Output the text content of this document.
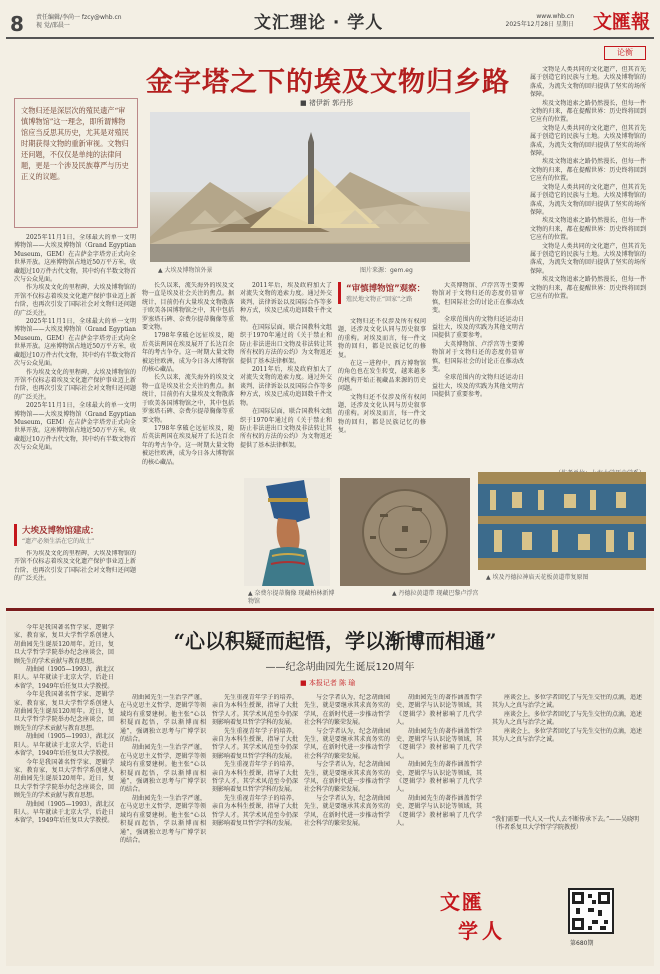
8 责任编辑/李尚一 fzcy@whb.cn
视 觉/邵晨一	文汇理论 · 学人	www.whb.cn
2025年12月28日 星期日 文匯報
论衡
金字塔之下的埃及文物归乡路
■ 褚伊新 郭丹彤
文物归还是深层次的殖民遗产“审慎博物馆”这一理念，即所谓博物馆应当反思其历史，尤其是对殖民时期获得文物的重新审视。文物归还问题，不仅仅是单纯的法律问题，更是一个涉及民族尊严与历史正义的议题。
▲ 大埃及博物馆外景	图片来源：gem.eg

2025年11月1日，全球最大的单一文明博物馆——大埃及博物馆（Grand Egyptian Museum，GEM）在吉萨金字塔旁正式向全世界开放。这座博物馆占地近50万平方米，收藏超过10万件古代文物，其中约有半数文物首次与公众见面。

作为埃及文化的里程碑，大埃及博物馆的开馆不仅标志着埃及文化遗产保护事业迈上新台阶，也再次引发了国际社会对文物归还问题的广泛关注。

2025年11月1日，全球最大的单一文明博物馆——大埃及博物馆（Grand Egyptian Museum，GEM）在吉萨金字塔旁正式向全世界开放。这座博物馆占地近50万平方米，收藏超过10万件古代文物，其中约有半数文物首次与公众见面。

作为埃及文化的里程碑，大埃及博物馆的开馆不仅标志着埃及文化遗产保护事业迈上新台阶，也再次引发了国际社会对文物归还问题的广泛关注。

2025年11月1日，全球最大的单一文明博物馆——大埃及博物馆（Grand Egyptian Museum，GEM）在吉萨金字塔旁正式向全世界开放。这座博物馆占地近50万平方米，收藏超过10万件古代文物，其中约有半数文物首次与公众见面。

大埃及博物馆建成：
“遗产必须生活在它的故土”

作为埃及文化的里程碑，大埃及博物馆的开馆不仅标志着埃及文化遗产保护事业迈上新台阶，也再次引发了国际社会对文物归还问题的广泛关注。

长久以来，流失海外的埃及文物一直是埃及社会关注的焦点。据统计，目前仍有大量埃及文物散落于欧美各国博物馆之中，其中包括罗塞塔石碑、奈费尔提蒂胸像等重要文物。

1798年拿破仑远征埃及，随后英法两国在埃及展开了长达百余年的考古争夺。这一时期大量文物被运往欧洲，成为今日各大博物馆的核心藏品。

长久以来，流失海外的埃及文物一直是埃及社会关注的焦点。据统计，目前仍有大量埃及文物散落于欧美各国博物馆之中，其中包括罗塞塔石碑、奈费尔提蒂胸像等重要文物。

1798年拿破仑远征埃及，随后英法两国在埃及展开了长达百余年的考古争夺。这一时期大量文物被运往欧洲，成为今日各大博物馆的核心藏品。

2011年后，埃及政府加大了对流失文物的追索力度。通过外交谈判、法律诉讼以及国际合作等多种方式，埃及已成功追回数千件文物。

在国际层面，联合国教科文组织于1970年通过的《关于禁止和防止非法进出口文物及非法转让其所有权的方法的公约》为文物返还提供了基本法律框架。

2011年后，埃及政府加大了对流失文物的追索力度。通过外交谈判、法律诉讼以及国际合作等多种方式，埃及已成功追回数千件文物。

在国际层面，联合国教科文组织于1970年通过的《关于禁止和防止非法进出口文物及非法转让其所有权的方法的公约》为文物返还提供了基本法律框架。

“审慎博物馆”观察：
殖民地文物正“回家”之路

文物归还不仅涉及所有权问题，还涉及文化认同与历史叙事的重构。对埃及而言，每一件文物的回归，都是民族记忆的修复。

在这一进程中，西方博物馆的角色也在发生转变，越来越多的机构开始正视藏品来源的历史问题。

文物归还不仅涉及所有权问题，还涉及文化认同与历史叙事的重构。对埃及而言，每一件文物的回归，都是民族记忆的修复。

大英博物馆、卢浮宫等主要博物馆对于文物归还的态度仍显审慎，但国际社会的讨论正在推动改变。

全球范围内的文物归还运动日益壮大，埃及的实践为其他文明古国提供了重要参考。

大英博物馆、卢浮宫等主要博物馆对于文物归还的态度仍显审慎，但国际社会的讨论正在推动改变。

全球范围内的文物归还运动日益壮大，埃及的实践为其他文明古国提供了重要参考。

文物是人类共同的文化遗产，但其首先属于创造它的民族与土地。大埃及博物馆的落成，为流失文物的回归提供了坚实的场所保障。

埃及文物追索之路仍然漫长，但每一件文物的归来，都在提醒世界：历史终将回到它应有的位置。

文物是人类共同的文化遗产，但其首先属于创造它的民族与土地。大埃及博物馆的落成，为流失文物的回归提供了坚实的场所保障。

埃及文物追索之路仍然漫长，但每一件文物的归来，都在提醒世界：历史终将回到它应有的位置。

文物是人类共同的文化遗产，但其首先属于创造它的民族与土地。大埃及博物馆的落成，为流失文物的回归提供了坚实的场所保障。

埃及文物追索之路仍然漫长，但每一件文物的归来，都在提醒世界：历史终将回到它应有的位置。

文物是人类共同的文化遗产，但其首先属于创造它的民族与土地。大埃及博物馆的落成，为流失文物的回归提供了坚实的场所保障。

埃及文物追索之路仍然漫长，但每一件文物的归来，都在提醒世界：历史终将回到它应有的位置。

▲ 奈费尔提蒂胸像 现藏柏林新博物馆
▲ 丹德拉黄道带 现藏巴黎卢浮宫
▲ 埃及丹德拉神庙天花板黄道带复原图
“心以积疑而起悟，学以渐博而相通”
——纪念胡曲园先生诞辰120周年
■ 本报记者 陈 瑜

今年是我国著名哲学家、逻辑学家、教育家，复旦大学哲学系创建人胡曲园先生诞辰120周年。近日，复旦大学哲学学院举办纪念座谈会，回顾先生的学术贡献与教育思想。

胡曲园（1905—1993），湖北汉阳人。早年就读于北京大学，后赴日本留学，1949年后任复旦大学教授。

今年是我国著名哲学家、逻辑学家、教育家，复旦大学哲学系创建人胡曲园先生诞辰120周年。近日，复旦大学哲学学院举办纪念座谈会，回顾先生的学术贡献与教育思想。

胡曲园（1905—1993），湖北汉阳人。早年就读于北京大学，后赴日本留学，1949年后任复旦大学教授。

今年是我国著名哲学家、逻辑学家、教育家，复旦大学哲学系创建人胡曲园先生诞辰120周年。近日，复旦大学哲学学院举办纪念座谈会，回顾先生的学术贡献与教育思想。

胡曲园（1905—1993），湖北汉阳人。早年就读于北京大学，后赴日本留学，1949年后任复旦大学教授。

胡曲园先生一生治学严谨，在马克思主义哲学、逻辑学等领域均有重要建树。他主张“心以积疑而起悟，学以渐博而相通”，强调独立思考与广博学识的结合。

胡曲园先生一生治学严谨，在马克思主义哲学、逻辑学等领域均有重要建树。他主张“心以积疑而起悟，学以渐博而相通”，强调独立思考与广博学识的结合。

胡曲园先生一生治学严谨，在马克思主义哲学、逻辑学等领域均有重要建树。他主张“心以积疑而起悟，学以渐博而相通”，强调独立思考与广博学识的结合。

先生重视青年学子的培养，亲自为本科生授课，指导了大批哲学人才。其学术风范至今仍深刻影响着复旦哲学学科的发展。

先生重视青年学子的培养，亲自为本科生授课，指导了大批哲学人才。其学术风范至今仍深刻影响着复旦哲学学科的发展。

先生重视青年学子的培养，亲自为本科生授课，指导了大批哲学人才。其学术风范至今仍深刻影响着复旦哲学学科的发展。

先生重视青年学子的培养，亲自为本科生授课，指导了大批哲学人才。其学术风范至今仍深刻影响着复旦哲学学科的发展。

与会学者认为，纪念胡曲园先生，就是要继承其求真务实的学风，在新时代进一步推动哲学社会科学的繁荣发展。

与会学者认为，纪念胡曲园先生，就是要继承其求真务实的学风，在新时代进一步推动哲学社会科学的繁荣发展。

与会学者认为，纪念胡曲园先生，就是要继承其求真务实的学风，在新时代进一步推动哲学社会科学的繁荣发展。

与会学者认为，纪念胡曲园先生，就是要继承其求真务实的学风，在新时代进一步推动哲学社会科学的繁荣发展。

胡曲园先生的著作涵盖哲学史、逻辑学与认识论等领域，其《逻辑学》教材影响了几代学人。

胡曲园先生的著作涵盖哲学史、逻辑学与认识论等领域，其《逻辑学》教材影响了几代学人。

胡曲园先生的著作涵盖哲学史、逻辑学与认识论等领域，其《逻辑学》教材影响了几代学人。

胡曲园先生的著作涵盖哲学史、逻辑学与认识论等领域，其《逻辑学》教材影响了几代学人。

座谈会上，多位学者回忆了与先生交往的点滴，追述其为人之真与治学之诚。

座谈会上，多位学者回忆了与先生交往的点滴，追述其为人之真与治学之诚。

座谈会上，多位学者回忆了与先生交往的点滴，追述其为人之真与治学之诚。

“我们需要一代人又一代人去不断传承下去。”——吴晓明（作者系复旦大学哲学学院教授）
文匯
学人
第680期
